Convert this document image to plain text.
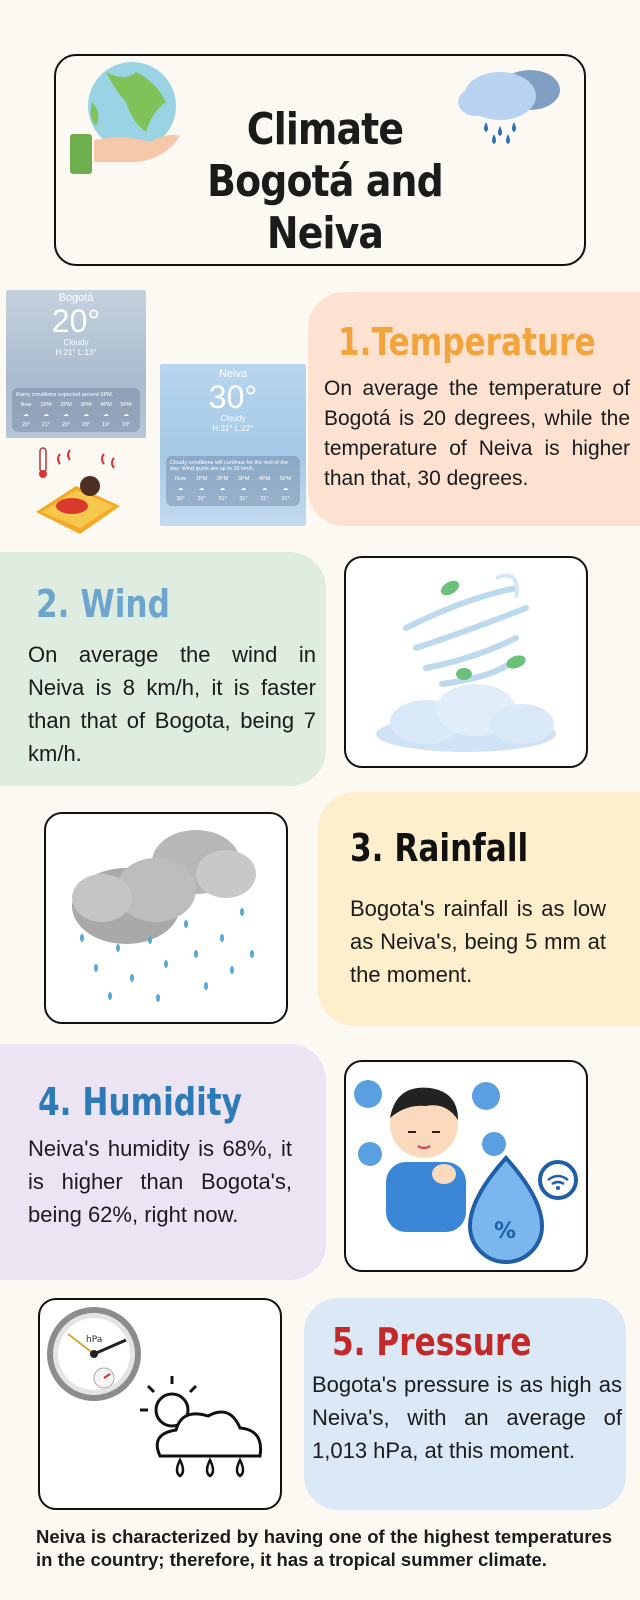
Climate
Bogotá and Neiva
1.Temperature
On average the temperature of Bogotá is 20 degrees, while the temperature of Neiva is higher than that, 30 degrees.
Bogotá
20°
Cloudy
H:21° L:13°
Rainy conditions expected around 3PM.
Now	1PM	2PM	3PM	4PM	5PM
☁	☁	☁	☁	☁	☁
20°	21°	20°	20°	19°	18°
Neiva
30°
Cloudy
H:31° L:22°
Cloudy conditions will continue for the rest of the day. Wind gusts are up to 16 km/h.
Now	1PM	2PM	3PM	4PM	5PM
☁	☁	☁	☁	☁	☁
30°	30°	31°	31°	31°	31°
2. Wind
On average the wind in Neiva is 8 km/h, it is faster than that of Bogota, being 7 km/h.
3. Rainfall
Bogota's rainfall is as low as Neiva's, being 5 mm at the moment.
4. Humidity
Neiva's humidity is 68%, it is higher than Bogota's, being 62%, right now.
%
hPa	5. Pressure
Bogota's pressure is as high as Neiva's, with an average of 1,013 hPa, at this moment.
Neiva is characterized by having one of the highest temperatures in the country; therefore, it has a tropical summer climate.
